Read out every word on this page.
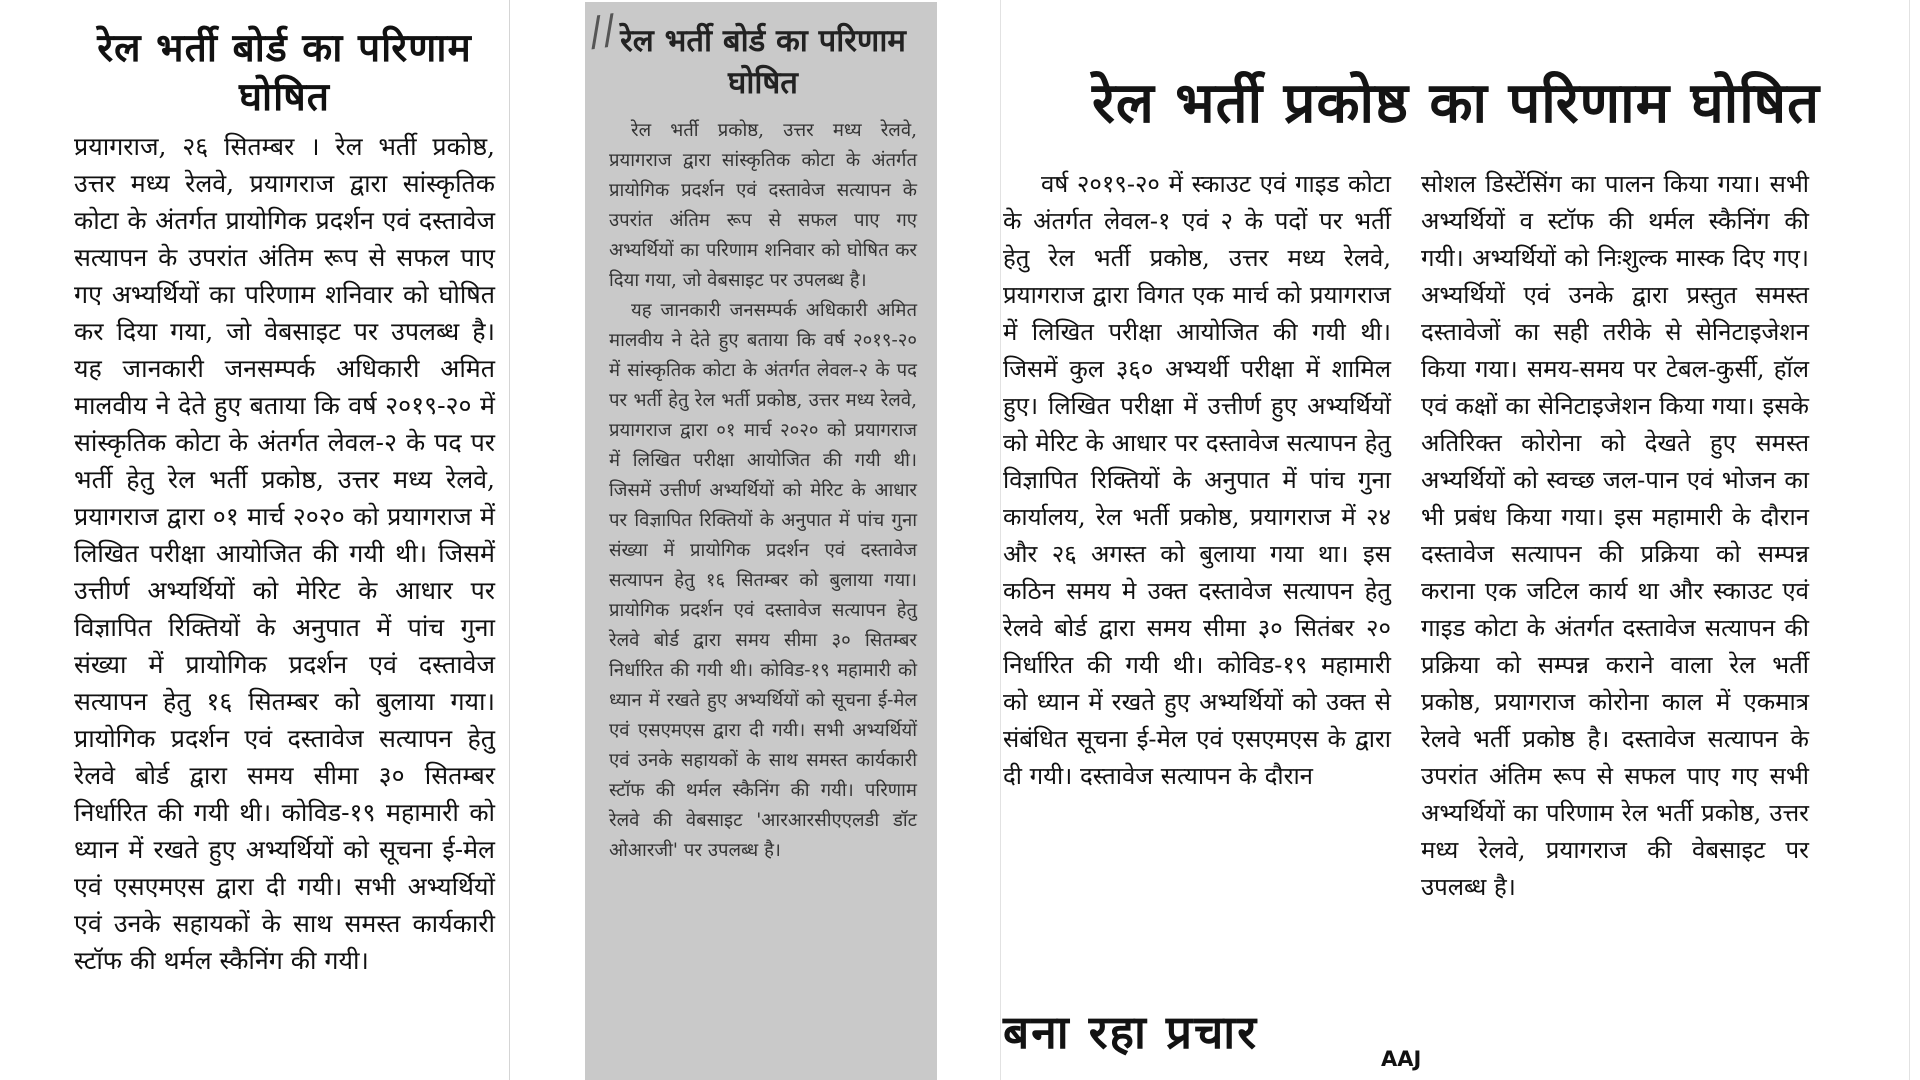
रेल भर्ती बोर्ड का परिणाम घोषित

प्रयागराज, २६ सितम्बर । रेल भर्ती प्रकोष्ठ, उत्तर मध्य रेलवे, प्रयागराज द्वारा सांस्कृतिक कोटा के अंतर्गत प्रायोगिक प्रदर्शन एवं दस्तावेज सत्यापन के उपरांत अंतिम रूप से सफल पाए गए अभ्यर्थियों का परिणाम शनिवार को घोषित कर दिया गया, जो वेबसाइट पर उपलब्ध है। यह जानकारी जनसम्पर्क अधिकारी अमित मालवीय ने देते हुए बताया कि वर्ष २०१९-२० में सांस्कृतिक कोटा के अंतर्गत लेवल-२ के पद पर भर्ती हेतु रेल भर्ती प्रकोष्ठ, उत्तर मध्य रेलवे, प्रयागराज द्वारा ०१ मार्च २०२० को प्रयागराज में लिखित परीक्षा आयोजित की गयी थी। जिसमें उत्तीर्ण अभ्यर्थियों को मेरिट के आधार पर विज्ञापित रिक्तियों के अनुपात में पांच गुना संख्या में प्रायोगिक प्रदर्शन एवं दस्तावेज सत्यापन हेतु १६ सितम्बर को बुलाया गया। प्रायोगिक प्रदर्शन एवं दस्तावेज सत्यापन हेतु रेलवे बोर्ड द्वारा समय सीमा ३० सितम्बर निर्धारित की गयी थी। कोविड-१९ महामारी को ध्यान में रखते हुए अभ्यर्थियों को सूचना ई-मेल एवं एसएमएस द्वारा दी गयी। सभी अभ्यर्थियों एवं उनके सहायकों के साथ समस्त कार्यकारी स्टॉफ की थर्मल स्कैनिंग की गयी।

// रेल भर्ती बोर्ड का परिणाम घोषित

रेल भर्ती प्रकोष्ठ, उत्तर मध्य रेलवे, प्रयागराज द्वारा सांस्कृतिक कोटा के अंतर्गत प्रायोगिक प्रदर्शन एवं दस्तावेज सत्यापन के उपरांत अंतिम रूप से सफल पाए गए अभ्यर्थियों का परिणाम शनिवार को घोषित कर दिया गया, जो वेबसाइट पर उपलब्ध है।

यह जानकारी जनसम्पर्क अधिकारी अमित मालवीय ने देते हुए बताया कि वर्ष २०१९-२० में सांस्कृतिक कोटा के अंतर्गत लेवल-२ के पद पर भर्ती हेतु रेल भर्ती प्रकोष्ठ, उत्तर मध्य रेलवे, प्रयागराज द्वारा ०१ मार्च २०२० को प्रयागराज में लिखित परीक्षा आयोजित की गयी थी। जिसमें उत्तीर्ण अभ्यर्थियों को मेरिट के आधार पर विज्ञापित रिक्तियों के अनुपात में पांच गुना संख्या में प्रायोगिक प्रदर्शन एवं दस्तावेज सत्यापन हेतु १६ सितम्बर को बुलाया गया। प्रायोगिक प्रदर्शन एवं दस्तावेज सत्यापन हेतु रेलवे बोर्ड द्वारा समय सीमा ३० सितम्बर निर्धारित की गयी थी। कोविड-१९ महामारी को ध्यान में रखते हुए अभ्यर्थियों को सूचना ई-मेल एवं एसएमएस द्वारा दी गयी। सभी अभ्यर्थियों एवं उनके सहायकों के साथ समस्त कार्यकारी स्टॉफ की थर्मल स्कैनिंग की गयी। परिणाम रेलवे की वेबसाइट 'आरआरसीएएलडी डॉट ओआरजी' पर उपलब्ध है।

रेल भर्ती प्रकोष्ठ का परिणाम घोषित
वर्ष २०१९-२० में स्काउट एवं गाइड कोटा के अंतर्गत लेवल-१ एवं २ के पदों पर भर्ती हेतु रेल भर्ती प्रकोष्ठ, उत्तर मध्य रेलवे, प्रयागराज द्वारा विगत एक मार्च को प्रयागराज में लिखित परीक्षा आयोजित की गयी थी। जिसमें कुल ३६० अभ्यर्थी परीक्षा में शामिल हुए। लिखित परीक्षा में उत्तीर्ण हुए अभ्यर्थियों को मेरिट के आधार पर दस्तावेज सत्यापन हेतु विज्ञापित रिक्तियों के अनुपात में पांच गुना कार्यालय, रेल भर्ती प्रकोष्ठ, प्रयागराज में २४ और २६ अगस्त को बुलाया गया था। इस कठिन समय मे उक्त दस्तावेज सत्यापन हेतु रेलवे बोर्ड द्वारा समय सीमा ३० सितंबर २० निर्धारित की गयी थी। कोविड-१९ महामारी को ध्यान में रखते हुए अभ्यर्थियों को उक्त से संबंधित सूचना ई-मेल एवं एसएमएस के द्वारा दी गयी। दस्तावेज सत्यापन के दौरान
सोशल डिस्टेंसिंग का पालन किया गया। सभी अभ्यर्थियों व स्टॉफ की थर्मल स्कैनिंग की गयी। अभ्यर्थियों को निःशुल्क मास्क दिए गए। अभ्यर्थियों एवं उनके द्वारा प्रस्तुत समस्त दस्तावेजों का सही तरीके से सेनिटाइजेशन किया गया। समय-समय पर टेबल-कुर्सी, हॉल एवं कक्षों का सेनिटाइजेशन किया गया। इसके अतिरिक्त कोरोना को देखते हुए समस्त अभ्यर्थियों को स्वच्छ जल-पान एवं भोजन का भी प्रबंध किया गया। इस महामारी के दौरान दस्तावेज सत्यापन की प्रक्रिया को सम्पन्न कराना एक जटिल कार्य था और स्काउट एवं गाइड कोटा के अंतर्गत दस्तावेज सत्यापन की प्रक्रिया को सम्पन्न कराने वाला रेल भर्ती प्रकोष्ठ, प्रयागराज कोरोना काल में एकमात्र रेलवे भर्ती प्रकोष्ठ है। दस्तावेज सत्यापन के उपरांत अंतिम रूप से सफल पाए गए सभी अभ्यर्थियों का परिणाम रेल भर्ती प्रकोष्ठ, उत्तर मध्य रेलवे, प्रयागराज की वेबसाइट पर उपलब्ध है।
बना रहा प्रचार	AAJ
